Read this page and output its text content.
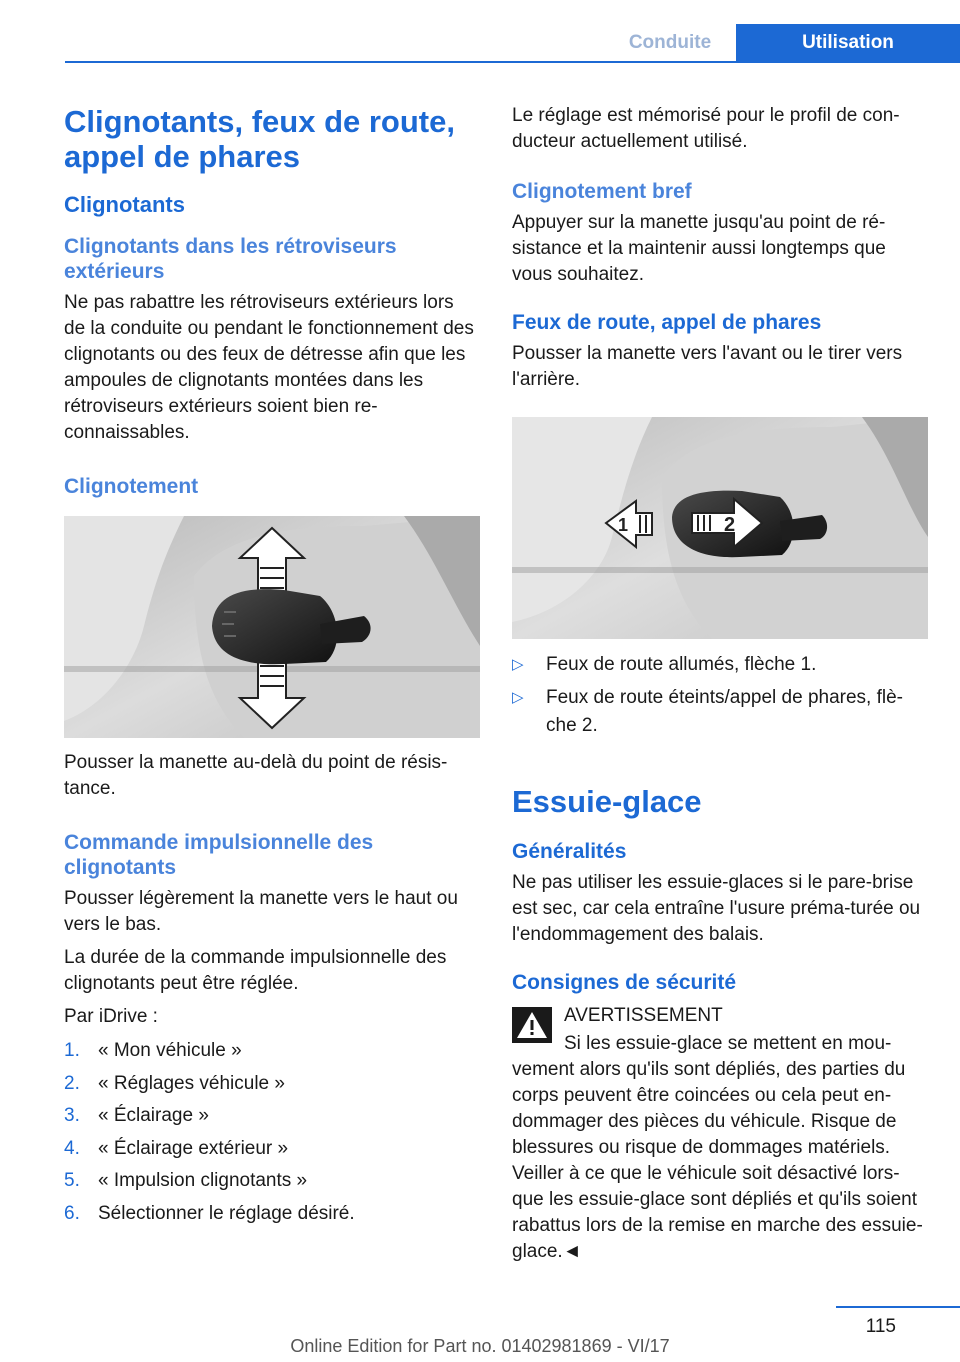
Conduite	Utilisation
Clignotants, feux de route, appel de phares
Clignotants
Clignotants dans les rétroviseurs extérieurs

Ne pas rabattre les rétroviseurs extérieurs lors de la conduite ou pendant le fonctionnement des clignotants ou des feux de détresse afin que les ampoules de clignotants montées dans les rétroviseurs extérieurs soient bien re‐connaissables.

Clignotement

Pousser la manette au-delà du point de résis‐tance.

Commande impulsionnelle des clignotants

Pousser légèrement la manette vers le haut ou vers le bas.

La durée de la commande impulsionnelle des clignotants peut être réglée.

Par iDrive :

1. « Mon véhicule »
2. « Réglages véhicule »
3. « Éclairage »
4. « Éclairage extérieur »
5. « Impulsion clignotants »
6. Sélectionner le réglage désiré.

Le réglage est mémorisé pour le profil de con‐ducteur actuellement utilisé.

Clignotement bref

Appuyer sur la manette jusqu'au point de ré‐sistance et la maintenir aussi longtemps que vous souhaitez.

Feux de route, appel de phares

Pousser la manette vers l'avant ou le tirer vers l'arrière.

1	2
▷ Feux de route allumés, flèche 1.
▷ Feux de route éteints/appel de phares, flè‐che 2.
Essuie-glace
Généralités

Ne pas utiliser les essuie-glaces si le pare-brise est sec, car cela entraîne l'usure préma‐turée ou l'endommagement des balais.

Consignes de sécurité

AVERTISSEMENT

Si les essuie-glace se mettent en mou‐

vement alors qu'ils sont dépliés, des parties du corps peuvent être coincées ou cela peut en‐dommager des pièces du véhicule. Risque de blessures ou risque de dommages matériels. Veiller à ce que le véhicule soit désactivé lors‐que les essuie-glace sont dépliés et qu'ils soient rabattus lors de la remise en marche des essuie-glace.◄

115
Online Edition for Part no. 01402981869 - VI/17
